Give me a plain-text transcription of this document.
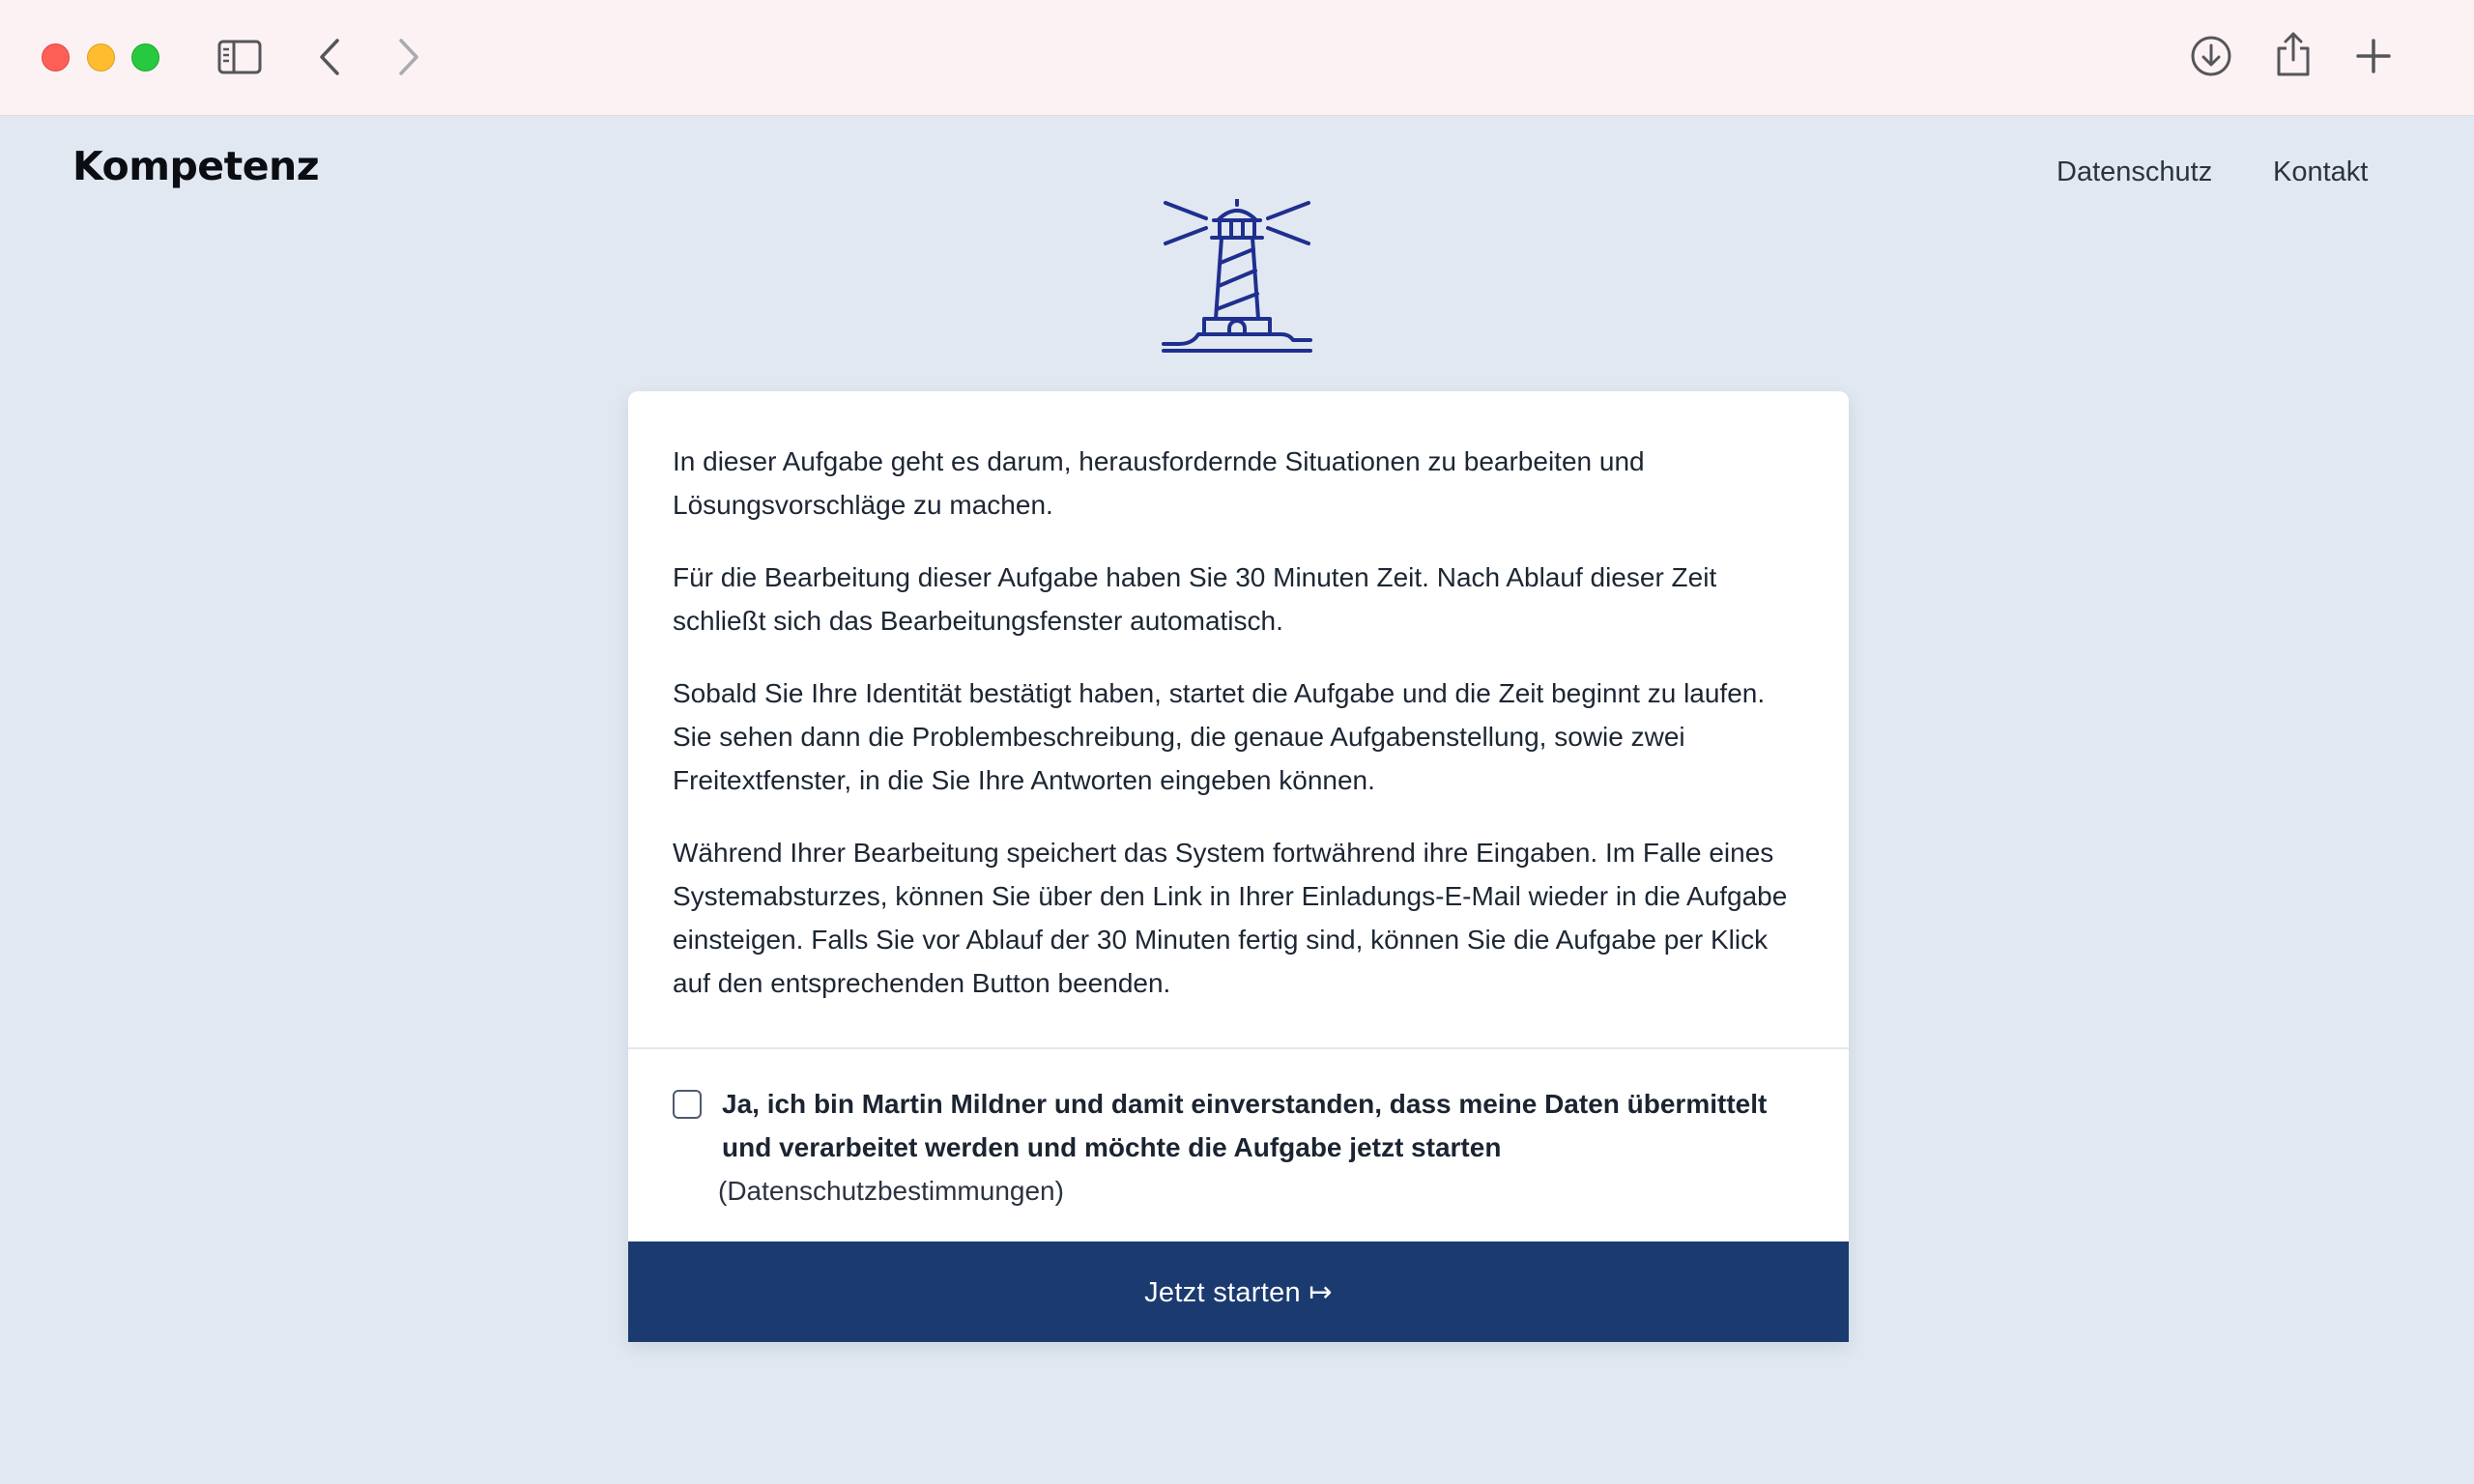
Kompetenz	Datenschutz Kontakt

In dieser Aufgabe geht es darum, herausfordernde Situationen zu bearbeiten und Lösungsvorschläge zu machen.

Für die Bearbeitung dieser Aufgabe haben Sie 30 Minuten Zeit. Nach Ablauf dieser Zeit schließt sich das Bearbeitungsfenster automatisch.

Sobald Sie Ihre Identität bestätigt haben, startet die Aufgabe und die Zeit beginnt zu laufen. Sie sehen dann die Problembeschreibung, die genaue Aufgabenstellung, sowie zwei Freitextfenster, in die Sie Ihre Antworten eingeben können.

Während Ihrer Bearbeitung speichert das System fortwährend ihre Eingaben. Im Falle eines Systemabsturzes, können Sie über den Link in Ihrer Einladungs-E-Mail wieder in die Aufgabe einsteigen. Falls Sie vor Ablauf der 30 Minuten fertig sind, können Sie die Aufgabe per Klick auf den entsprechenden Button beenden.

Ja, ich bin Martin Mildner und damit einverstanden, dass meine Daten übermittelt und verarbeitet werden und möchte die Aufgabe jetzt starten
(Datenschutzbestimmungen)
Jetzt starten ↦
